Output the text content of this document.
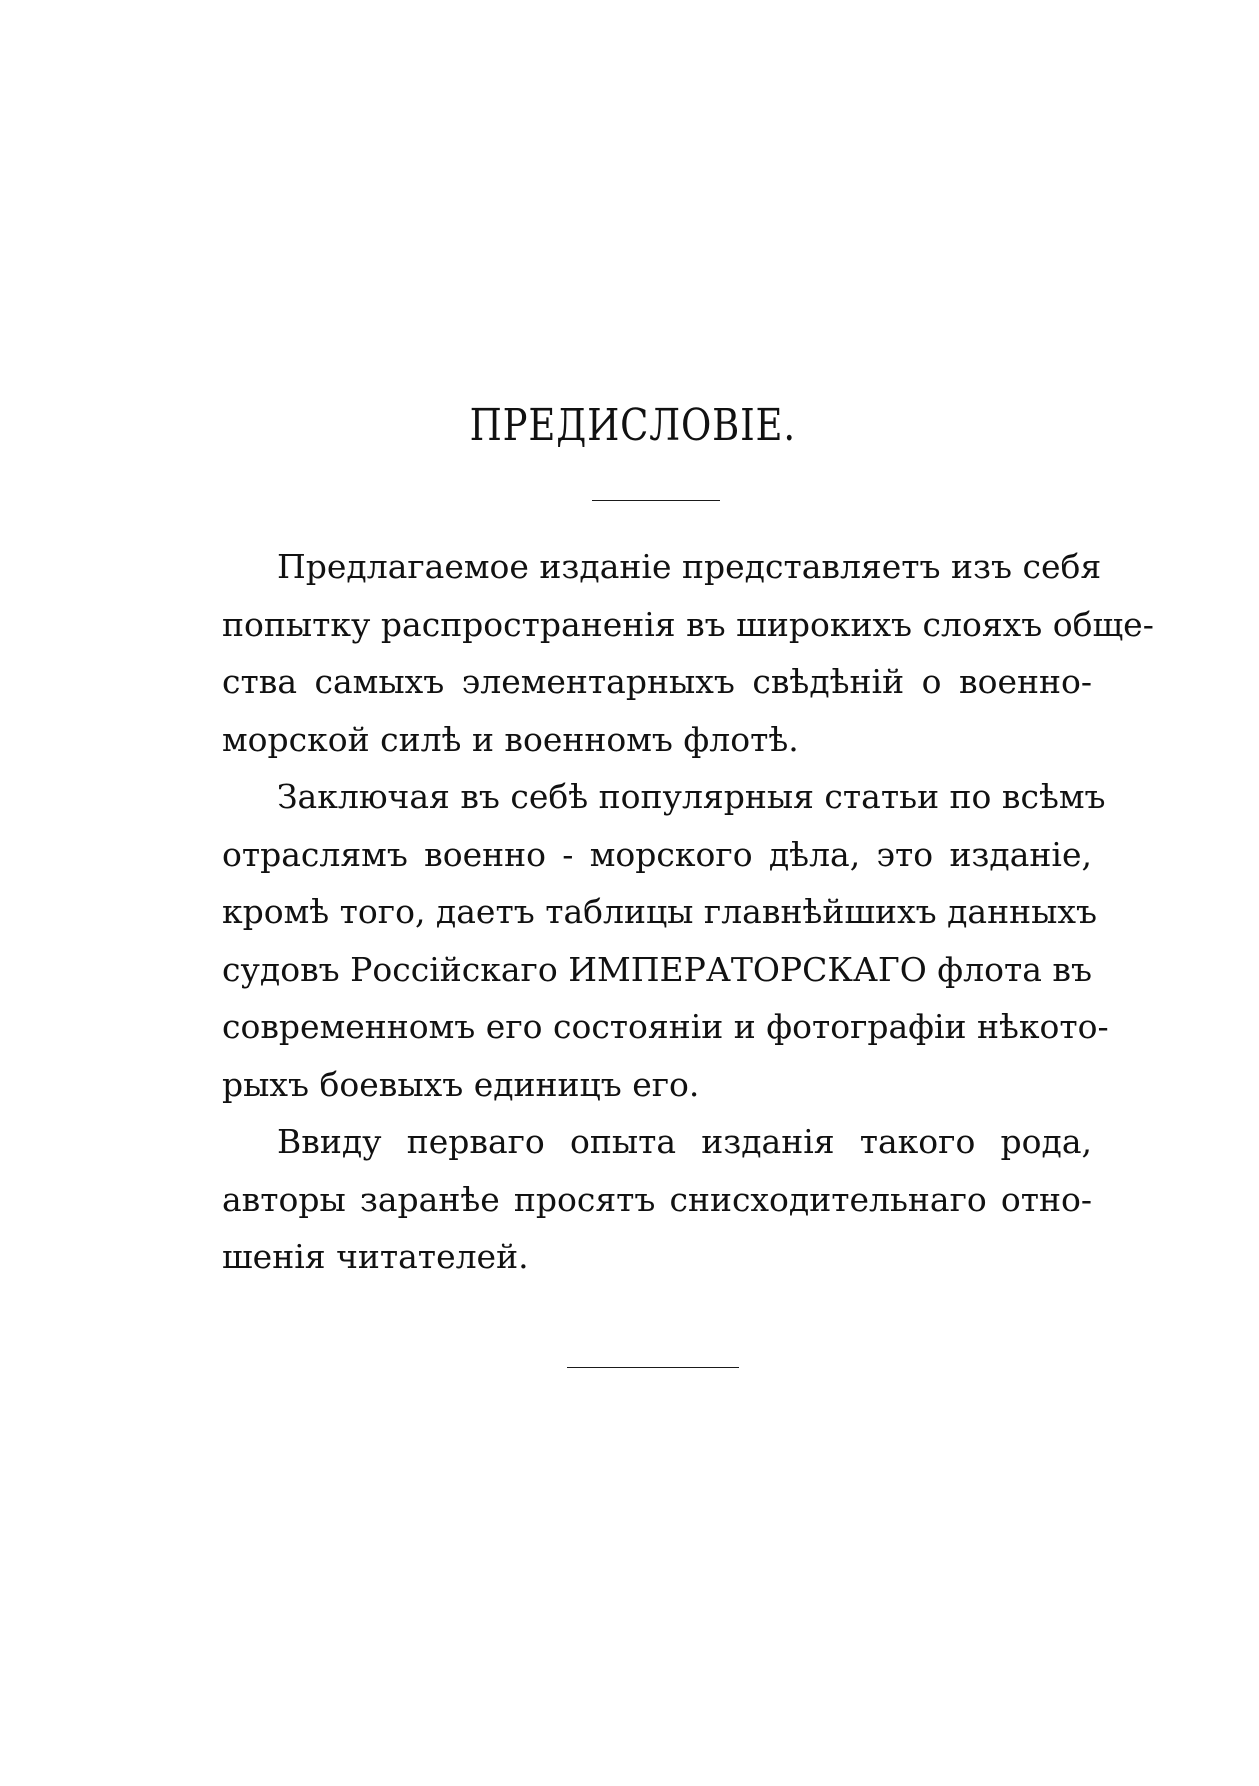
ПРЕДИСЛОВІЕ.
Предлагаемое изданіе представляетъ изъ себя
попытку распространенія въ широкихъ слояхъ обще-
ства самыхъ элементарныхъ свѣдѣній о военно-
морской силѣ и военномъ флотѣ.
Заключая въ себѣ популярныя статьи по всѣмъ
отраслямъ военно - морского дѣла, это изданіе,
кромѣ того, даетъ таблицы главнѣйшихъ данныхъ
судовъ Россійскаго ИМПЕРАТОРСКАГО флота въ
современномъ его состояніи и фотографіи нѣкото-
рыхъ боевыхъ единицъ его.
Ввиду перваго опыта изданія такого рода,
авторы заранѣе просятъ снисходительнаго отно-
шенія читателей.
